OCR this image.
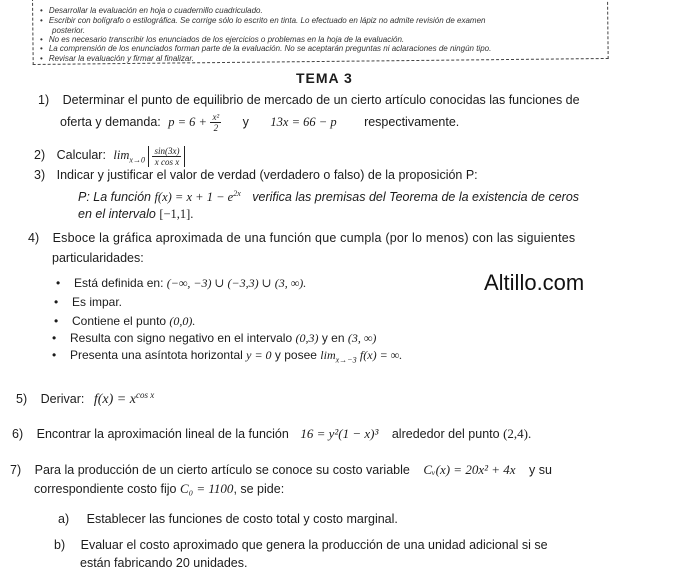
• Desarrollar la evaluación en hoja o cuadernillo cuadriculado.
• Escribir con bolígrafo o estilográfica. Se corrige sólo lo escrito en tinta. Lo efectuado en lápiz no admite revisión de examen
posterior.
• No es necesario transcribir los enunciados de los ejercicios o problemas en la hoja de la evaluación.
• La comprensión de los enunciados forman parte de la evaluación. No se aceptarán preguntas ni aclaraciones de ningún tipo.
• Revisar la evaluación y firmar al finalizar.
TEMA 3
1) Determinar el punto de equilibrio de mercado de un cierto artículo conocidas las funciones de
oferta y demanda: $p = 6 + \frac{\text{x²}}{2}$ y 13x = 66 − p respectivamente.
2) Calcular: $\lim_{x\to 0} \frac{\sin(3x)}{\text{x cos x}}$
3) Indicar y justificar el valor de verdad (verdadero o falso) de la proposición P:
P: La función $f(x) = x + 1 - e^{2x}$ verifica las premisas del Teorema de la existencia de ceros
en el intervalo [−1,1].
4) Esboce la gráfica aproximada de una función que cumpla (por lo menos) con las siguientes
particularidades:
• Está definida en: (−∞, −3) ∪ (−3,3) ∪ (3, ∞).
• Es impar.
• Contiene el punto (0,0).
• Resulta con signo negativo en el intervalo (0,3) y en (3, ∞)
• Presenta una asíntota horizontal y = 0 y posee $\lim_{x\to-3} f(x)$ = ∞.
Altillo.com
5) Derivar: $f(x) = x^{cos x}$
6) Encontrar la aproximación lineal de la función 16 = y²(1 − x)³ alrededor del punto (2,4).
7) Para la producción de un cierto artículo se conoce su costo variable Cᵥ(x) = 20x² + 4x y su
correspondiente costo fijo C₀ = 1100, se pide:
a) Establecer las funciones de costo total y costo marginal.
b) Evaluar el costo aproximado que genera la producción de una unidad adicional si se
están fabricando 20 unidades.
